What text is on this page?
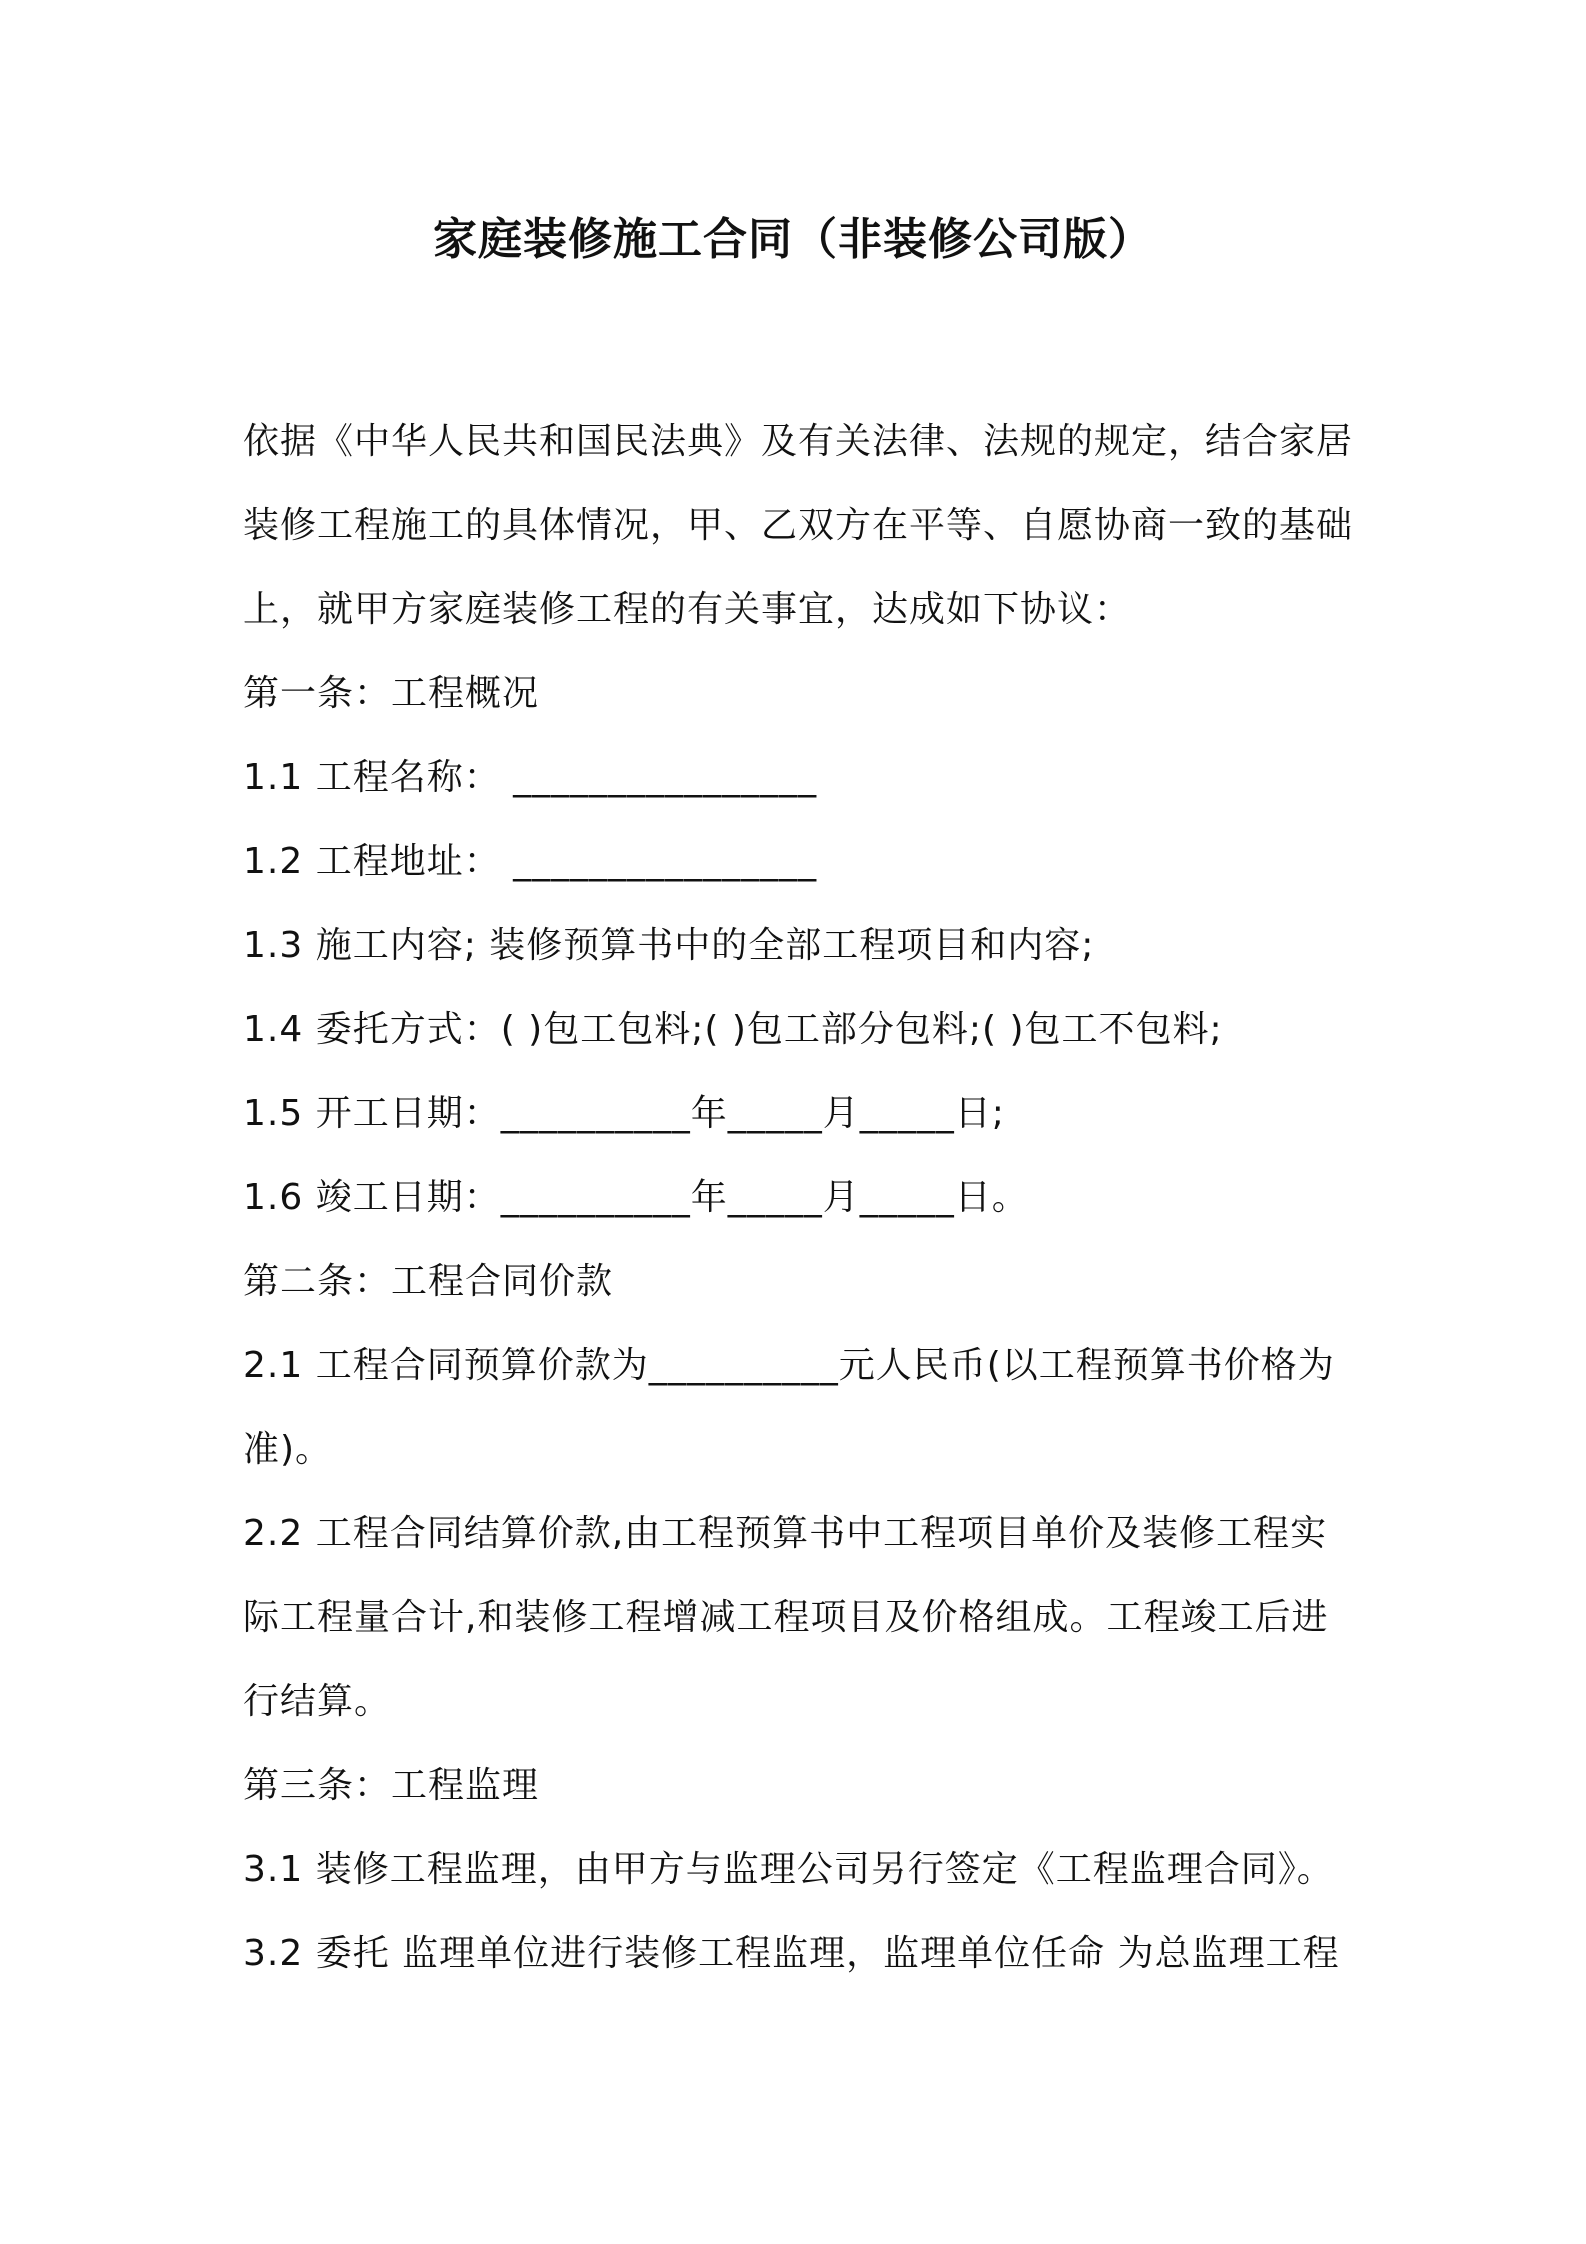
家庭装修施工合同（非装修公司版）
依据《中华人民共和国民法典》及有关法律、法规的规定，结合家居
装修工程施工的具体情况，甲、乙双方在平等、自愿协商一致的基础
上，就甲方家庭装修工程的有关事宜，达成如下协议：
第一条：工程概况
1.1 工程名称： ________________
1.2 工程地址： ________________
1.3 施工内容; 装修预算书中的全部工程项目和内容;
1.4 委托方式：( )包工包料;( )包工部分包料;( )包工不包料;
1.5 开工日期：__________年_____月_____日;
1.6 竣工日期：__________年_____月_____日。
第二条：工程合同价款
2.1 工程合同预算价款为__________元人民币(以工程预算书价格为
准)。
2.2 工程合同结算价款,由工程预算书中工程项目单价及装修工程实
际工程量合计,和装修工程增减工程项目及价格组成。工程竣工后进
行结算。
第三条：工程监理
3.1 装修工程监理，由甲方与监理公司另行签定《工程监理合同》。
3.2 委托 监理单位进行装修工程监理，监理单位任命 为总监理工程
